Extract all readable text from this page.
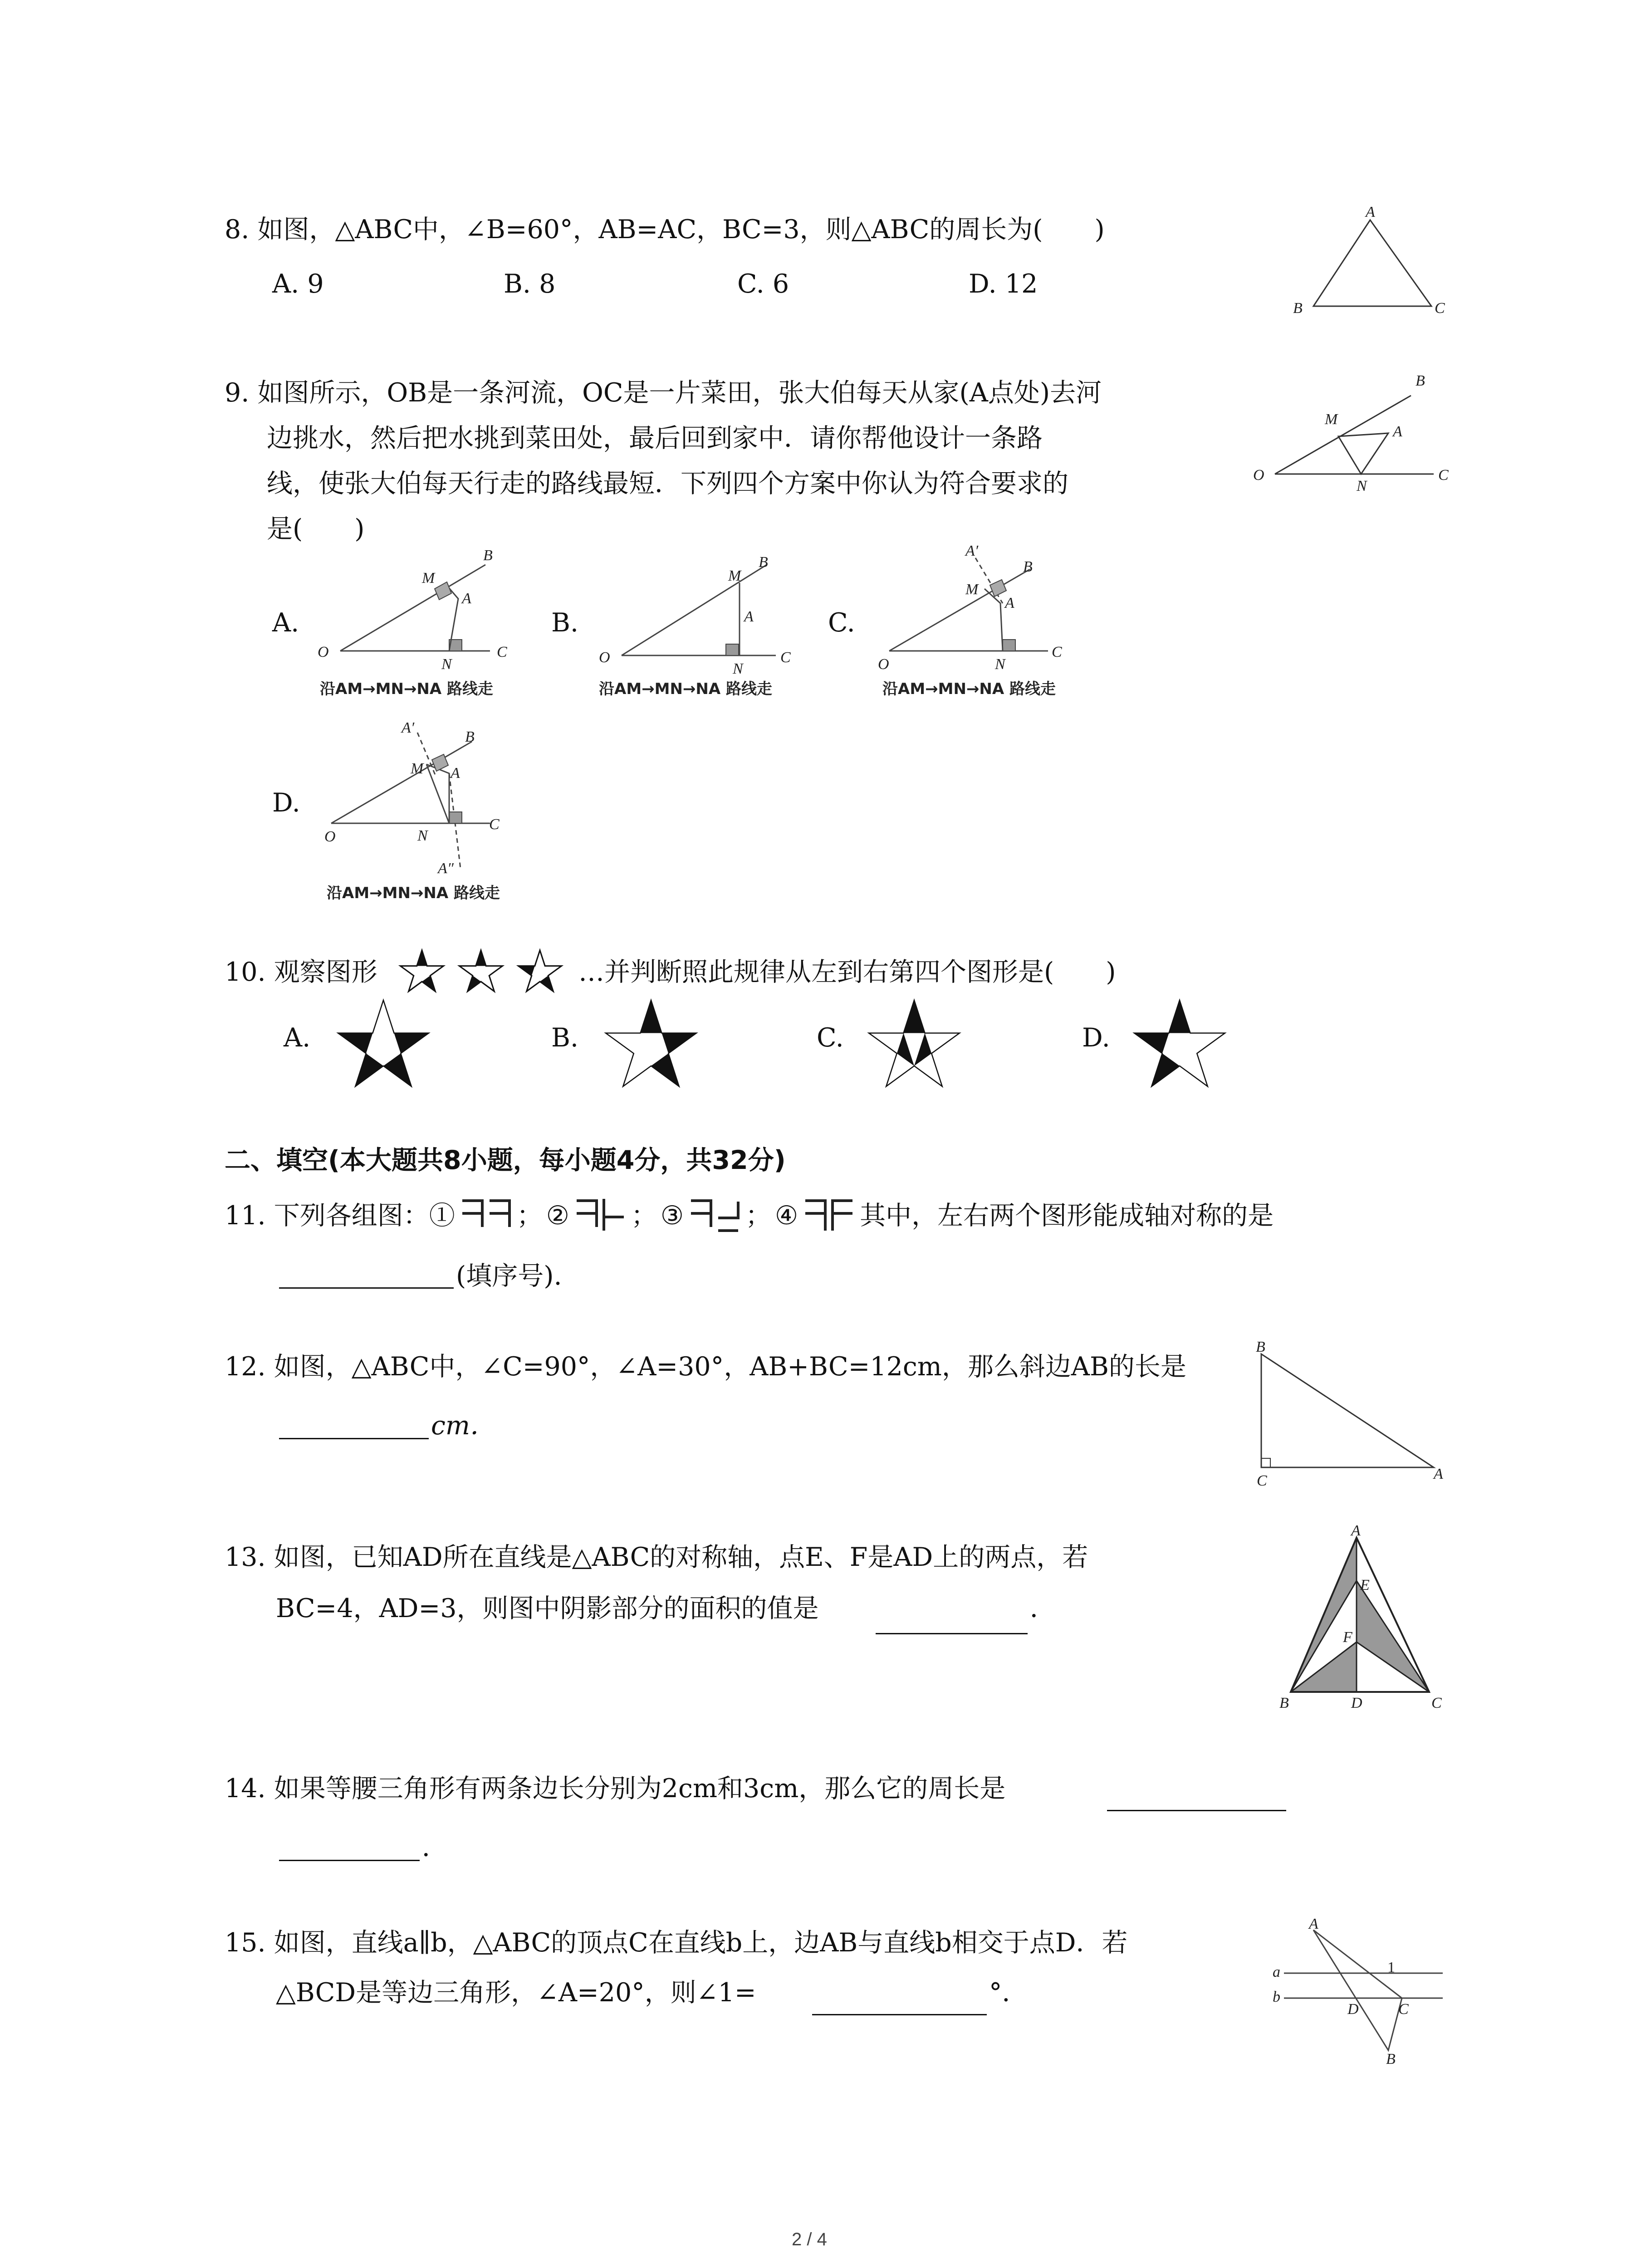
8. 如图，△ABC中，∠B=60°，AB=AC，BC=3，则△ABC的周长为(　　)
A. 9	B. 8	C. 6	D. 12
A
B	C
9. 如图所示，OB是一条河流，OC是一片菜田，张大伯每天从家(A点处)去河
边挑水，然后把水挑到菜田处，最后回到家中．请你帮他设计一条路
线，使张大伯每天行走的路线最短．下列四个方案中你认为符合要求的
是(　　)
M
A
B
O
N
C
A.
M
A
B
O
N
C
沿AM→MN→NA 路线走
B.
M
A
B
O
N
C
沿AM→MN→NA 路线走
C.
A′
M
A
B
O	N
C
沿AM→MN→NA 路线走
D.
A′
M A
B
O	N
C
A″
沿AM→MN→NA 路线走
10. 观察图形	…并判断照此规律从左到右第四个图形是(　　)
A.	B.	C.	D.
二、填空(本大题共8小题，每小题4分，共32分)
11. 下列各组图：① ； ② ； ③ ； ④ 其中，左右两个图形能成轴对称的是
(填序号).
12. 如图，△ABC中，∠C=90°，∠A=30°，AB+BC=12cm，那么斜边AB的长是
cm．
B
C	A
13. 如图，已知AD所在直线是△ABC的对称轴，点E、F是AD上的两点，若
BC=4，AD=3，则图中阴影部分的面积的值是	．
A
E
F
B	D	C
14. 如果等腰三角形有两条边长分别为2cm和3cm，那么它的周长是
．
15. 如图，直线a∥b，△ABC的顶点C在直线b上，边AB与直线b相交于点D．若
△BCD是等边三角形，∠A=20°，则∠1=	°．
A
a	1
b
D	C
B
2 / 4
